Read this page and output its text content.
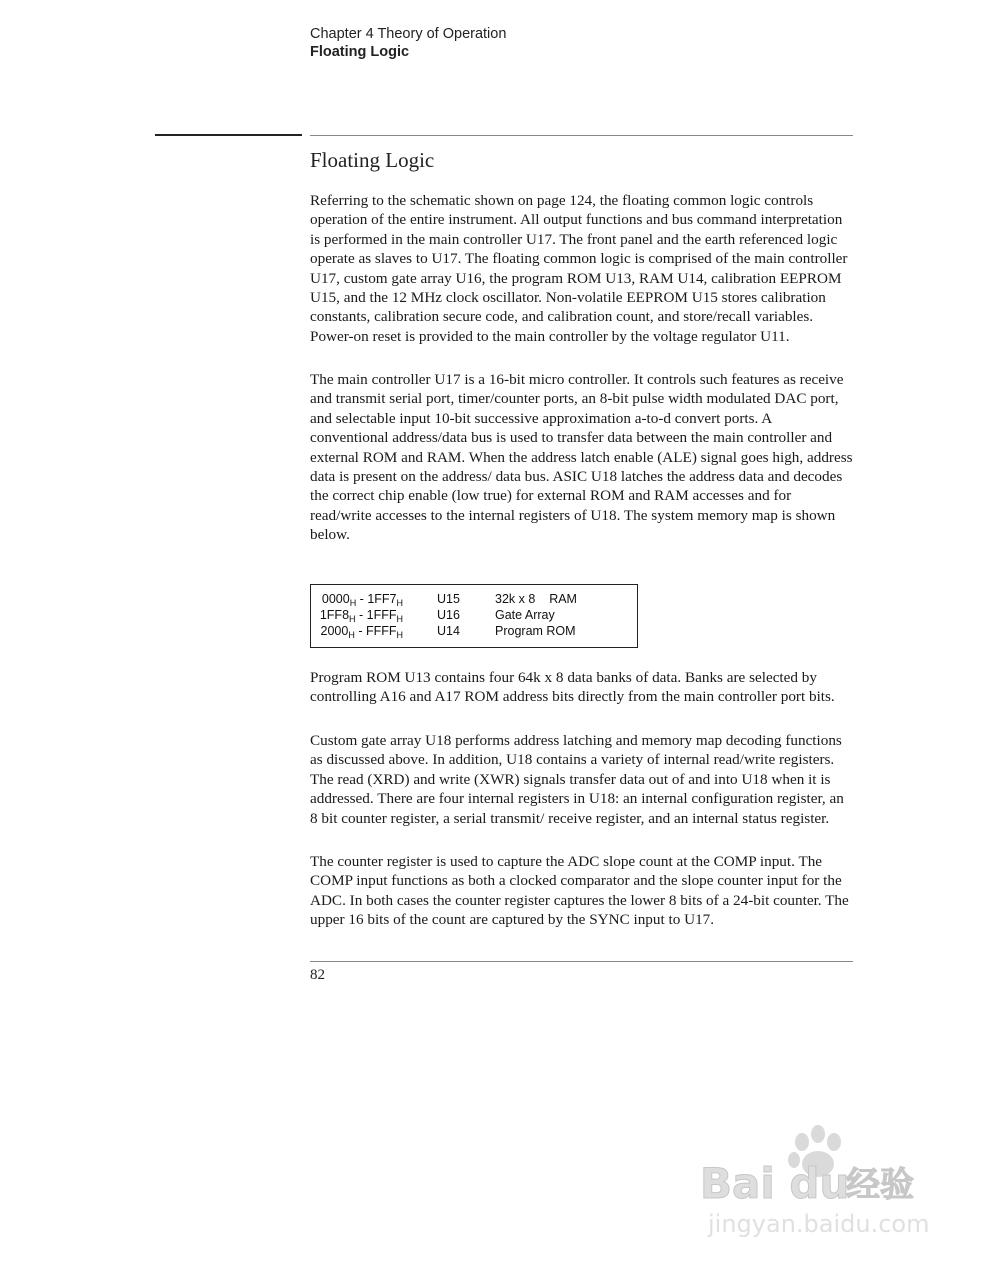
Chapter 4 Theory of Operation
Floating Logic
Floating Logic

Referring to the schematic shown on page 124, the floating common logic controls operation of the entire instrument. All output functions and bus command interpretation is performed in the main controller U17. The front panel and the earth referenced logic operate as slaves to U17. The floating common logic is comprised of the main controller U17, custom gate array U16, the program ROM U13, RAM U14, calibration EEPROM U15, and the 12 MHz clock oscillator. Non-volatile EEPROM U15 stores calibration constants, calibration secure code, and calibration count, and store/recall variables. Power-on reset is provided to the main controller by the voltage regulator U11.

The main controller U17 is a 16-bit micro controller. It controls such features as receive and transmit serial port, timer/counter ports, an 8-bit pulse width modulated DAC port, and selectable input 10-bit successive approximation a-to-d convert ports. A conventional address/data bus is used to transfer data between the main controller and external ROM and RAM. When the address latch enable (ALE) signal goes high, address data is present on the address/ data bus. ASIC U18 latches the address data and decodes the correct chip enable (low true) for external ROM and RAM accesses and for read/write accesses to the internal registers of U18. The system memory map is shown below.

$0000_H - 1FF7_H$	U15	32k x 8    RAM
$1FF8_H - 1FFF_H$	U16	Gate Array
$2000_H$ - $FFFF_H$	U14	Program ROM

Program ROM U13 contains four 64k x 8 data banks of data. Banks are selected by controlling A16 and A17 ROM address bits directly from the main controller port bits.

Custom gate array U18 performs address latching and memory map decoding functions as discussed above. In addition, U18 contains a variety of internal read/write registers. The read (XRD) and write (XWR) signals transfer data out of and into U18 when it is addressed. There are four internal registers in U18: an internal configuration register, an 8 bit counter register, a serial transmit/ receive register, and an internal status register.

The counter register is used to capture the ADC slope count at the COMP input. The COMP input functions as both a clocked comparator and the slope counter input for the ADC. In both cases the counter register captures the lower 8 bits of a 24-bit counter. The upper 16 bits of the count are captured by the SYNC input to U17.

82
Bai du
经验
jingyan.baidu.com
